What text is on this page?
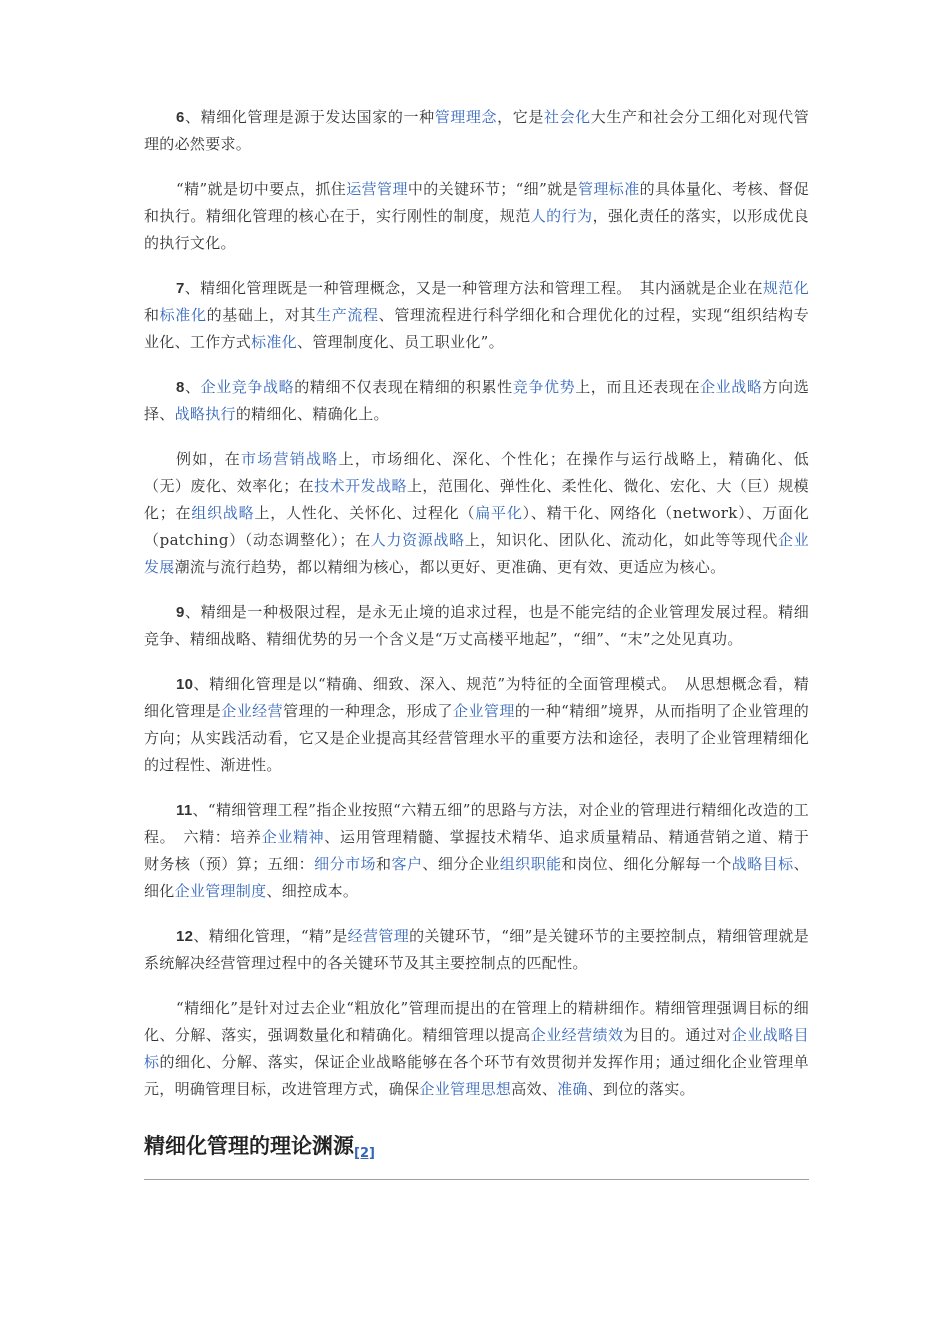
6、精细化管理是源于发达国家的一种管理理念，它是社会化大生产和社会分工细化对现代管理的必然要求。

“精”就是切中要点，抓住运营管理中的关键环节；“细”就是管理标准的具体量化、考核、督促和执行。精细化管理的核心在于，实行刚性的制度，规范人的行为，强化责任的落实，以形成优良的执行文化。

7、精细化管理既是一种管理概念，又是一种管理方法和管理工程。　其内涵就是企业在规范化和标准化的基础上，对其生产流程、管理流程进行科学细化和合理优化的过程，实现“组织结构专业化、工作方式标准化、管理制度化、员工职业化”。

8、企业竞争战略的精细不仅表现在精细的积累性竞争优势上，而且还表现在企业战略方向选择、战略执行的精细化、精确化上。

例如，在市场营销战略上，市场细化、深化、个性化；在操作与运行战略上，精确化、低（无）废化、效率化；在技术开发战略上，范围化、弹性化、柔性化、微化、宏化、大（巨）规模化；在组织战略上，人性化、关怀化、过程化（扁平化）、精干化、网络化（network）、万面化（patching）（动态调整化）；在人力资源战略上，知识化、团队化、流动化，如此等等现代企业发展潮流与流行趋势，都以精细为核心，都以更好、更准确、更有效、更适应为核心。

9、精细是一种极限过程，是永无止境的追求过程，也是不能完结的企业管理发展过程。精细竞争、精细战略、精细优势的另一个含义是“万丈高楼平地起”，“细”、“末”之处见真功。

10、精细化管理是以“精确、细致、深入、规范”为特征的全面管理模式。　从思想概念看，精细化管理是企业经营管理的一种理念，形成了企业管理的一种“精细”境界，从而指明了企业管理的方向；从实践活动看，它又是企业提高其经营管理水平的重要方法和途径，表明了企业管理精细化的过程性、渐进性。

11、“精细管理工程”指企业按照“六精五细”的思路与方法，对企业的管理进行精细化改造的工程。　六精：培养企业精神、运用管理精髓、掌握技术精华、追求质量精品、精通营销之道、精于财务核（预）算；五细：细分市场和客户、细分企业组织职能和岗位、细化分解每一个战略目标、细化企业管理制度、细控成本。

12、精细化管理，“精”是经营管理的关键环节，“细”是关键环节的主要控制点，精细管理就是系统解决经营管理过程中的各关键环节及其主要控制点的匹配性。

“精细化”是针对过去企业“粗放化”管理而提出的在管理上的精耕细作。精细管理强调目标的细化、分解、落实，强调数量化和精确化。精细管理以提高企业经营绩效为目的。通过对企业战略目标的细化、分解、落实，保证企业战略能够在各个环节有效贯彻并发挥作用；通过细化企业管理单元，明确管理目标，改进管理方式，确保企业管理思想高效、准确、到位的落实。

精细化管理的理论渊源[2]
